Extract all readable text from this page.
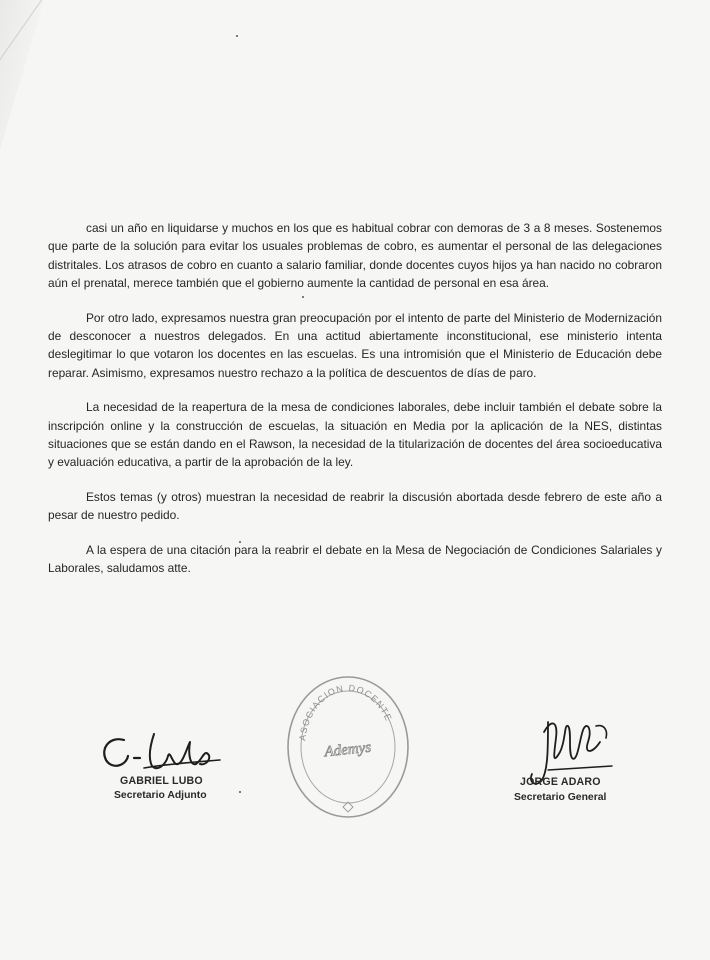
casi un año en liquidarse y muchos en los que es habitual cobrar con demoras de 3 a 8 meses. Sostenemos que parte de la solución para evitar los usuales problemas de cobro, es aumentar el personal de las delegaciones distritales. Los atrasos de cobro en cuanto a salario familiar, donde docentes cuyos hijos ya han nacido no cobraron aún el prenatal, merece también que el gobierno aumente la cantidad de personal en esa área.

Por otro lado, expresamos nuestra gran preocupación por el intento de parte del Ministerio de Modernización de desconocer a nuestros delegados. En una actitud abiertamente inconstitucional, ese ministerio intenta deslegitimar lo que votaron los docentes en las escuelas. Es una intromisión que el Ministerio de Educación debe reparar. Asimismo, expresamos nuestro rechazo a la política de descuentos de días de paro.

La necesidad de la reapertura de la mesa de condiciones laborales, debe incluir también el debate sobre la inscripción online y la construcción de escuelas, la situación en Media por la aplicación de la NES, distintas situaciones que se están dando en el Rawson, la necesidad de la titularización de docentes del área socioeducativa y evaluación educativa, a partir de la aprobación de la ley.

Estos temas (y otros) muestran la necesidad de reabrir la discusión abortada desde febrero de este año a pesar de nuestro pedido.

A la espera de una citación para la reabrir el debate en la Mesa de Negociación de Condiciones Salariales y Laborales, saludamos atte.

GABRIEL LUBO
Secretario Adjunto
ASOCIACION DOCENTE
Ademys
JORGE ADARO
Secretario General
